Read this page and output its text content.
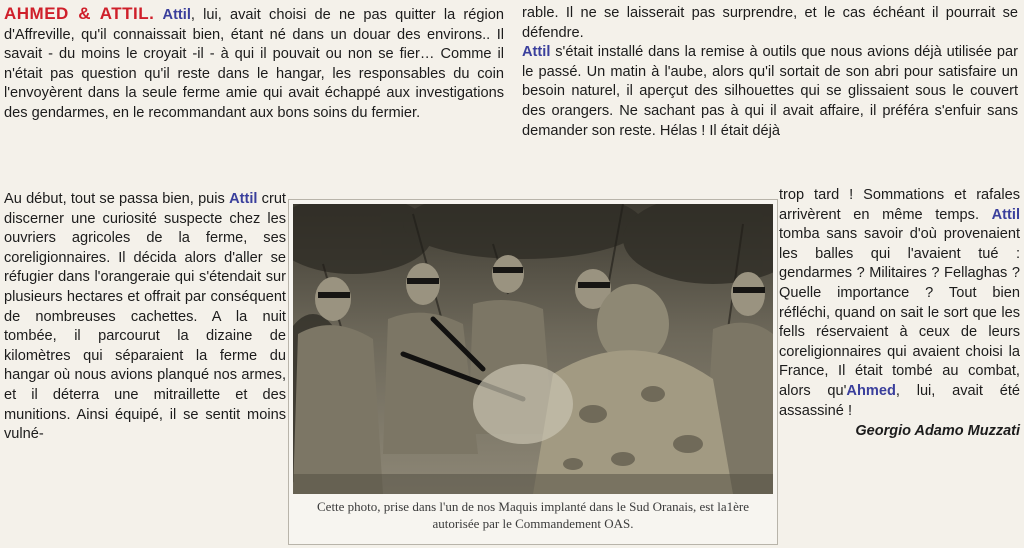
AHMED & ATTIL. Attil, lui, avait choisi de ne pas quitter la région d'Affreville, qu'il connaissait bien, étant né dans un douar des environs.. Il savait - du moins le croyait -il - à qui il pouvait ou non se fier… Comme il n'était pas question qu'il reste dans le hangar, les responsables du coin l'envoyèrent dans la seule ferme amie qui avait échappé aux investigations des gendarmes, en le recommandant aux bons soins du fermier.

Au début, tout se passa bien, puis Attil crut discerner une curiosité suspecte chez les ouvriers agricoles de la ferme, ses coreligionnaires. Il décida alors d'aller se réfugier dans l'orangeraie qui s'étendait sur plusieurs hectares et offrait par conséquent de nombreuses cachettes. A la nuit tombée, il parcourut la dizaine de kilomètres qui séparaient la ferme du hangar où nous avions planqué nos armes, et il déterra une mitraillette et des munitions. Ainsi équipé, il se sentit moins vulné-

rable. Il ne se laisserait pas surprendre, et le cas échéant il pourrait se défendre.

Attil s'était installé dans la remise à outils que nous avions déjà utilisée par le passé. Un matin à l'aube, alors qu'il sortait de son abri pour satisfaire un besoin naturel, il aperçut des silhouettes qui se glissaient sous le couvert des orangers. Ne sachant pas à qui il avait affaire, il préféra s'enfuir sans demander son reste. Hélas ! Il était déjà

trop tard ! Sommations et rafales arrivèrent en même temps. Attil tomba sans savoir d'où provenaient les balles qui l'avaient tué : gendarmes ? Militaires ? Fellaghas ? Quelle importance ? Tout bien réfléchi, quand on sait le sort que les fells réservaient à ceux de leurs coreligionnaires qui avaient choisi la France, Il était tombé au combat, alors qu'Ahmed, lui, avait été assassiné !

Georgio Adamo Muzzati
Cette photo, prise dans l'un de nos Maquis implanté dans le Sud Oranais, est la1ère autorisée par le Commandement OAS.
